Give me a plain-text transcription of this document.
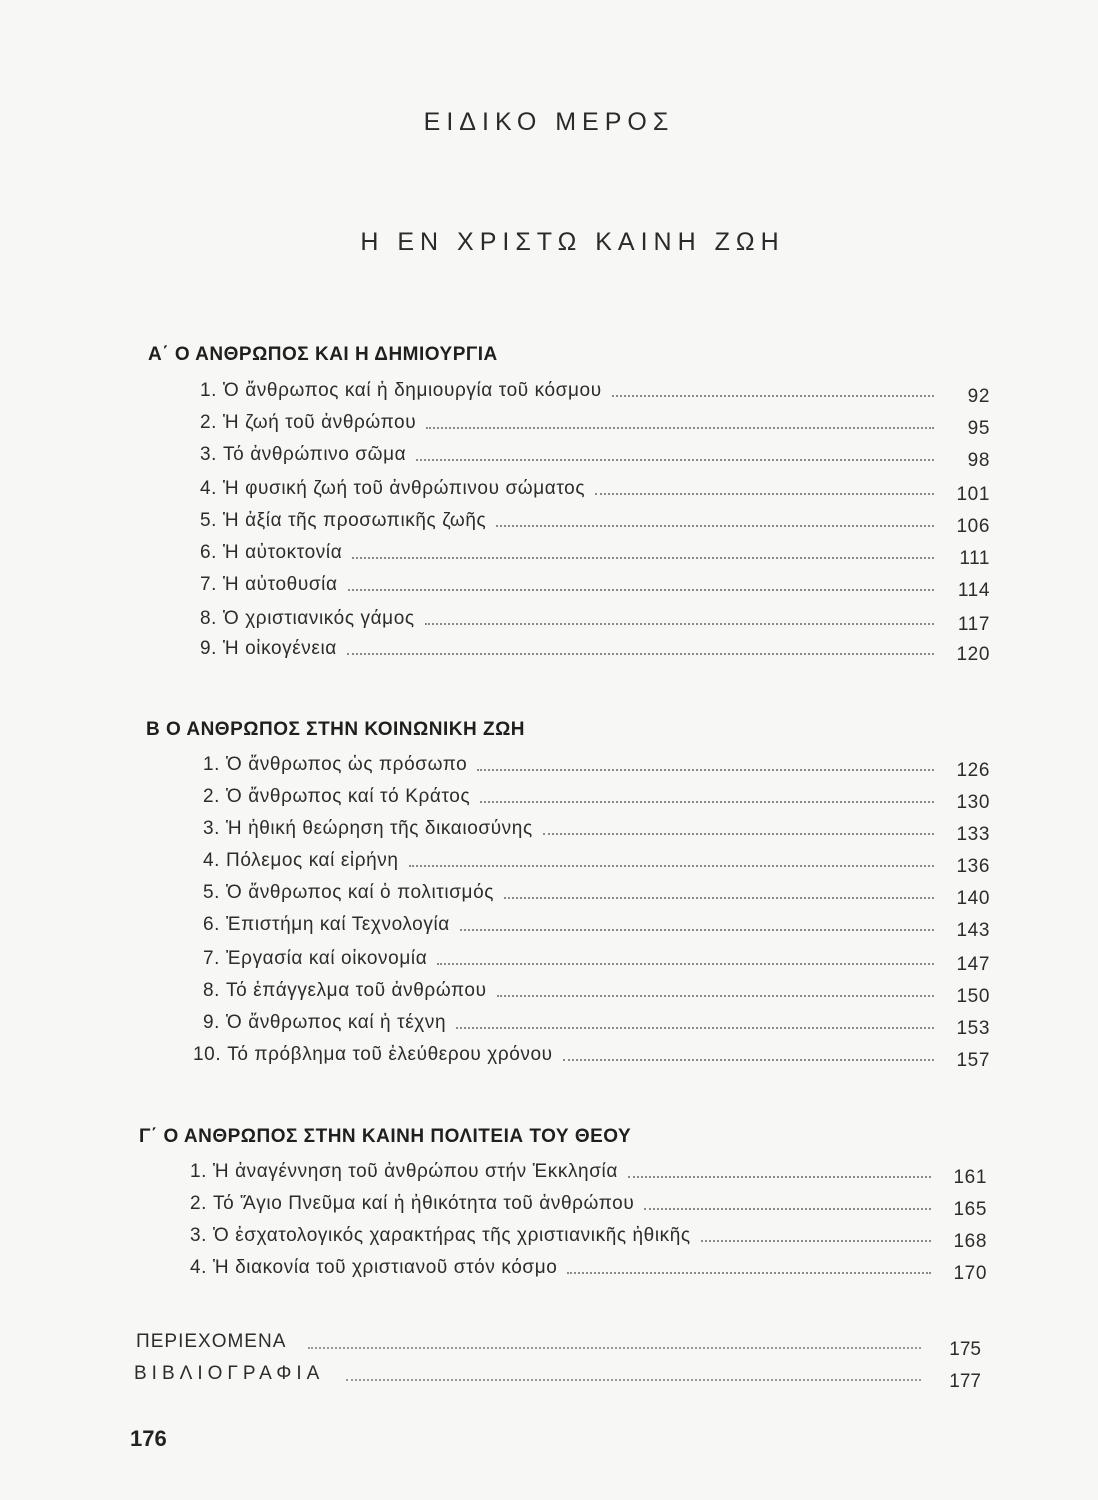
ΕΙΔΙΚΟ ΜΕΡΟΣ
Η ΕΝ ΧΡΙΣΤΩ ΚΑΙΝΗ ΖΩΗ
Α΄ Ο ΑΝΘΡΩΠΟΣ ΚΑΙ Η ΔΗΜΙΟΥΡΓΙΑ
1. Ὁ ἄνθρωπος καί ἡ δημιουργία τοῦ κόσμου	92
2. Ἡ ζωή τοῦ ἀνθρώπου	95
3. Τό ἀνθρώπινο σῶμα	98
4. Ἡ φυσική ζωή τοῦ ἀνθρώπινου σώματος	101
5. Ἡ ἀξία τῆς προσωπικῆς ζωῆς	106
6. Ἡ αὐτοκτονία	111
7. Ἡ αὐτοθυσία	114
8. Ὁ χριστιανικός γάμος	117
9. Ἡ οἰκογένεια	120
Β Ο ΑΝΘΡΩΠΟΣ ΣΤΗΝ ΚΟΙΝΩΝΙΚΗ ΖΩΗ
1. Ὁ ἄνθρωπος ὡς πρόσωπο	126
2. Ὁ ἄνθρωπος καί τό Κράτος	130
3. Ἡ ἠθική θεώρηση τῆς δικαιοσύνης	133
4. Πόλεμος καί εἰρήνη	136
5. Ὁ ἄνθρωπος καί ὁ πολιτισμός	140
6. Ἐπιστήμη καί Τεχνολογία	143
7. Ἐργασία καί οἰκονομία	147
8. Τό ἐπάγγελμα τοῦ ἀνθρώπου	150
9. Ὁ ἄνθρωπος καί ἡ τέχνη	153
10. Τό πρόβλημα τοῦ ἐλεύθερου χρόνου	157
Γ΄ Ο ΑΝΘΡΩΠΟΣ ΣΤΗΝ ΚΑΙΝΗ ΠΟΛΙΤΕΙΑ ΤΟΥ ΘΕΟΥ
1. Ἡ ἀναγέννηση τοῦ ἀνθρώπου στήν Ἐκκλησία	161
2. Τό Ἅγιο Πνεῦμα καί ἡ ἠθικότητα τοῦ ἀνθρώπου	165
3. Ὁ ἐσχατολογικός χαρακτήρας τῆς χριστιανικῆς ἠθικῆς	168
4. Ἡ διακονία τοῦ χριστιανοῦ στόν κόσμο	170
ΠΕΡΙΕΧΟΜΕΝΑ	175
ΒΙΒΛΙΟΓΡΑΦΙΑ	177
176
